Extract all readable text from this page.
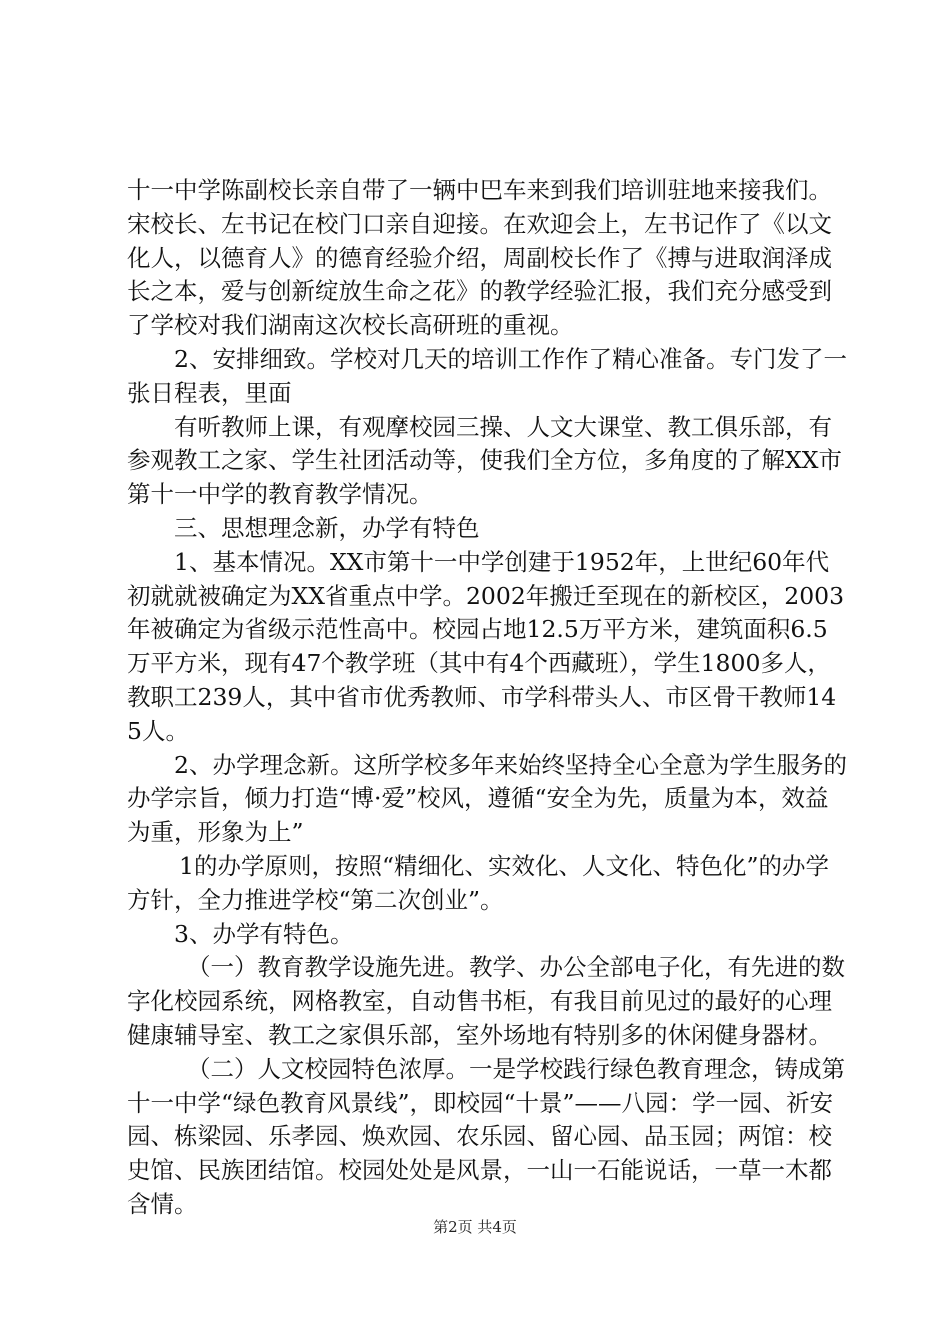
十一中学陈副校长亲自带了一辆中巴车来到我们培训驻地来接我们。宋校长、左书记在校门口亲自迎接。在欢迎会上，左书记作了《以文化人，以德育人》的德育经验介绍，周副校长作了《搏与进取润泽成长之本，爱与创新绽放生命之花》的教学经验汇报，我们充分感受到了学校对我们湖南这次校长高研班的重视。

2、安排细致。学校对几天的培训工作作了精心准备。专门发了一张日程表，里面

有听教师上课，有观摩校园三操、人文大课堂、教工俱乐部，有参观教工之家、学生社团活动等，使我们全方位，多角度的了解XX市第十一中学的教育教学情况。

三、思想理念新，办学有特色

1、基本情况。XX市第十一中学创建于1952年，上世纪60年代初就就被确定为XX省重点中学。2002年搬迁至现在的新校区，2003年被确定为省级示范性高中。校园占地12.5万平方米，建筑面积6.5万平方米，现有47个教学班（其中有4个西藏班），学生1800多人，教职工239人，其中省市优秀教师、市学科带头人、市区骨干教师145人。

2、办学理念新。这所学校多年来始终坚持全心全意为学生服务的办学宗旨，倾力打造“博·爱”校风，遵循“安全为先，质量为本，效益为重，形象为上”

1的办学原则，按照“精细化、实效化、人文化、特色化”的办学方针，全力推进学校“第二次创业”。

3、办学有特色。

（一）教育教学设施先进。教学、办公全部电子化，有先进的数字化校园系统，网格教室，自动售书柜，有我目前见过的最好的心理健康辅导室、教工之家俱乐部，室外场地有特别多的休闲健身器材。

（二）人文校园特色浓厚。一是学校践行绿色教育理念，铸成第十一中学“绿色教育风景线”，即校园“十景”——八园：学一园、祈安园、栋梁园、乐孝园、焕欢园、农乐园、留心园、品玉园；两馆：校史馆、民族团结馆。校园处处是风景，一山一石能说话，一草一木都含情。

第2页 共4页
